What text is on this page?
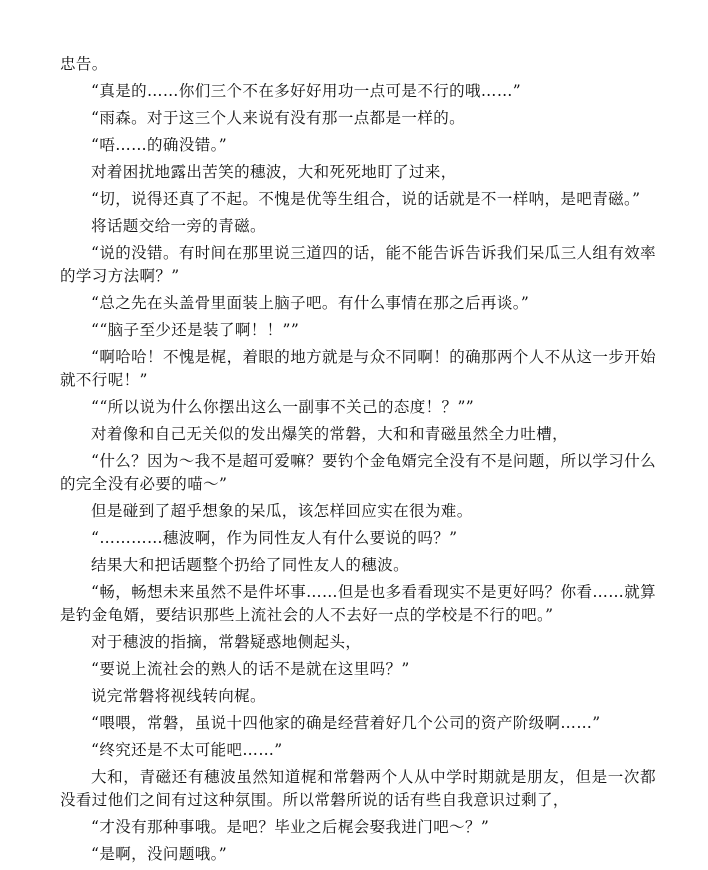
忠告。

“真是的……你们三个不在多好好用功一点可是不行的哦……”

“雨森。对于这三个人来说有没有那一点都是一样的。

“唔……的确没错。”

对着困扰地露出苦笑的穗波，大和死死地盯了过来，

“切，说得还真了不起。不愧是优等生组合，说的话就是不一样呐，是吧青磁。”

将话题交给一旁的青磁。

“说的没错。有时间在那里说三道四的话，能不能告诉告诉我们呆瓜三人组有效率的学习方法啊？”

“总之先在头盖骨里面装上脑子吧。有什么事情在那之后再谈。”

““脑子至少还是装了啊！！””

“啊哈哈！不愧是梶，着眼的地方就是与众不同啊！的确那两个人不从这一步开始就不行呢！”

““所以说为什么你摆出这么一副事不关己的态度！？””

对着像和自己无关似的发出爆笑的常磐，大和和青磁虽然全力吐槽，

“什么？因为～我不是超可爱嘛？要钓个金龟婿完全没有不是问题，所以学习什么的完全没有必要的喵～”

但是碰到了超乎想象的呆瓜，该怎样回应实在很为难。

“…………穗波啊，作为同性友人有什么要说的吗？”

结果大和把话题整个扔给了同性友人的穗波。

“畅，畅想未来虽然不是件坏事……但是也多看看现实不是更好吗？你看……就算是钓金龟婿，要结识那些上流社会的人不去好一点的学校是不行的吧。”

对于穗波的指摘，常磐疑惑地侧起头，

“要说上流社会的熟人的话不是就在这里吗？”

说完常磐将视线转向梶。

“喂喂，常磐，虽说十四他家的确是经营着好几个公司的资产阶级啊……”

“终究还是不太可能吧……”

大和，青磁还有穗波虽然知道梶和常磐两个人从中学时期就是朋友，但是一次都没看过他们之间有过这种氛围。所以常磐所说的话有些自我意识过剩了，

“才没有那种事哦。是吧？毕业之后梶会娶我进门吧～？”

“是啊，没问题哦。”
